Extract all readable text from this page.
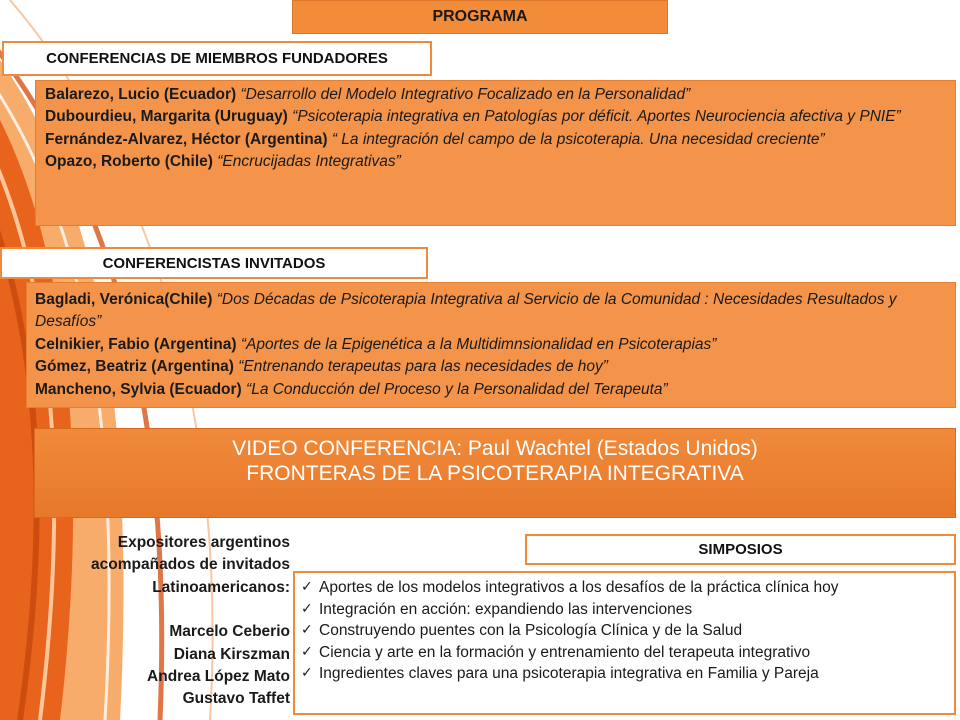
PROGRAMA
CONFERENCIAS DE MIEMBROS FUNDADORES
Balarezo, Lucio (Ecuador) “Desarrollo del Modelo Integrativo Focalizado en la Personalidad”
Dubourdieu, Margarita (Uruguay) “Psicoterapia integrativa en Patologías por déficit. Aportes Neurociencia afectiva y PNIE”
Fernández-Alvarez, Héctor (Argentina) “ La integración del campo de la psicoterapia. Una necesidad creciente”
Opazo, Roberto (Chile) “Encrucijadas Integrativas”
CONFERENCISTAS INVITADOS
Bagladi, Verónica(Chile) “Dos Décadas de Psicoterapia Integrativa al Servicio de la Comunidad : Necesidades Resultados y Desafíos”
Celnikier, Fabio (Argentina) “Aportes de la Epigenética a la Multidimnsionalidad en Psicoterapias”
Gómez, Beatriz (Argentina) “Entrenando terapeutas para las necesidades de hoy”
Mancheno, Sylvia (Ecuador) “La Conducción del Proceso y la Personalidad del Terapeuta”
VIDEO CONFERENCIA: Paul Wachtel (Estados Unidos)
FRONTERAS DE LA PSICOTERAPIA INTEGRATIVA
Expositores argentinos
acompañados de invitados
Latinoamericanos:
Marcelo Ceberio
Diana Kirszman
Andrea López Mato
Gustavo Taffet
SIMPOSIOS
✓ Aportes de los modelos integrativos a los desafíos de la práctica clínica hoy
✓ Integración en acción: expandiendo las intervenciones
✓ Construyendo puentes con la Psicología Clínica y de la Salud
✓ Ciencia y arte en la formación y entrenamiento del terapeuta integrativo
✓ Ingredientes claves para una psicoterapia integrativa en Familia y Pareja
